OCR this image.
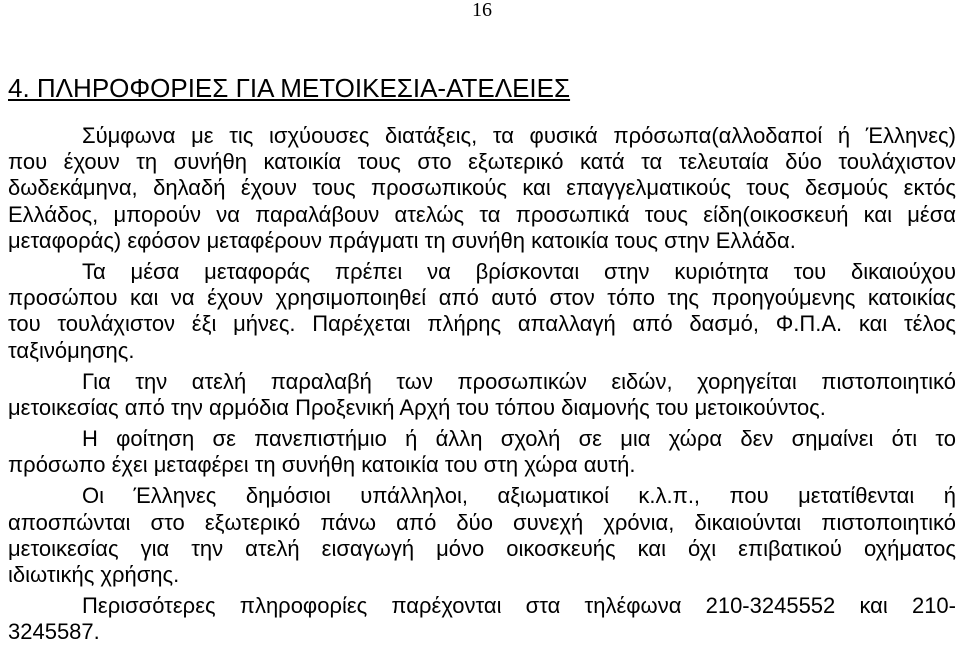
16
4. ΠΛΗΡΟΦΟΡΙΕΣ ΓΙΑ ΜΕΤΟΙΚΕΣΙΑ-ΑΤΕΛΕΙΕΣ
Σύμφωνα με τις ισχύουσες διατάξεις, τα φυσικά πρόσωπα(αλλοδαποί ή Έλληνες)
που έχουν τη συνήθη κατοικία τους στο εξωτερικό κατά τα τελευταία δύο τουλάχιστον
δωδεκάμηνα, δηλαδή έχουν τους προσωπικούς και επαγγελματικούς τους δεσμούς εκτός
Ελλάδος, μπορούν να παραλάβουν ατελώς τα προσωπικά τους είδη(οικοσκευή και μέσα
μεταφοράς) εφόσον μεταφέρουν πράγματι τη συνήθη κατοικία τους στην Ελλάδα.
Τα μέσα μεταφοράς πρέπει να βρίσκονται στην κυριότητα του δικαιούχου
προσώπου και να έχουν χρησιμοποιηθεί από αυτό στον τόπο της προηγούμενης κατοικίας
του τουλάχιστον έξι μήνες. Παρέχεται πλήρης απαλλαγή από δασμό, Φ.Π.Α. και τέλος
ταξινόμησης.
Για την ατελή παραλαβή των προσωπικών ειδών, χορηγείται πιστοποιητικό
μετοικεσίας από την αρμόδια Προξενική Αρχή του τόπου διαμονής του μετοικούντος.
Η φοίτηση σε πανεπιστήμιο ή άλλη σχολή σε μια χώρα δεν σημαίνει ότι το
πρόσωπο έχει μεταφέρει τη συνήθη κατοικία του στη χώρα αυτή.
Οι Έλληνες δημόσιοι υπάλληλοι, αξιωματικοί κ.λ.π., που μετατίθενται ή
αποσπώνται στο εξωτερικό πάνω από δύο συνεχή χρόνια, δικαιούνται πιστοποιητικό
μετοικεσίας για την ατελή εισαγωγή μόνο οικοσκευής και όχι επιβατικού οχήματος
ιδιωτικής χρήσης.
Περισσότερες πληροφορίες παρέχονται στα τηλέφωνα 210-3245552 και 210-
3245587.
